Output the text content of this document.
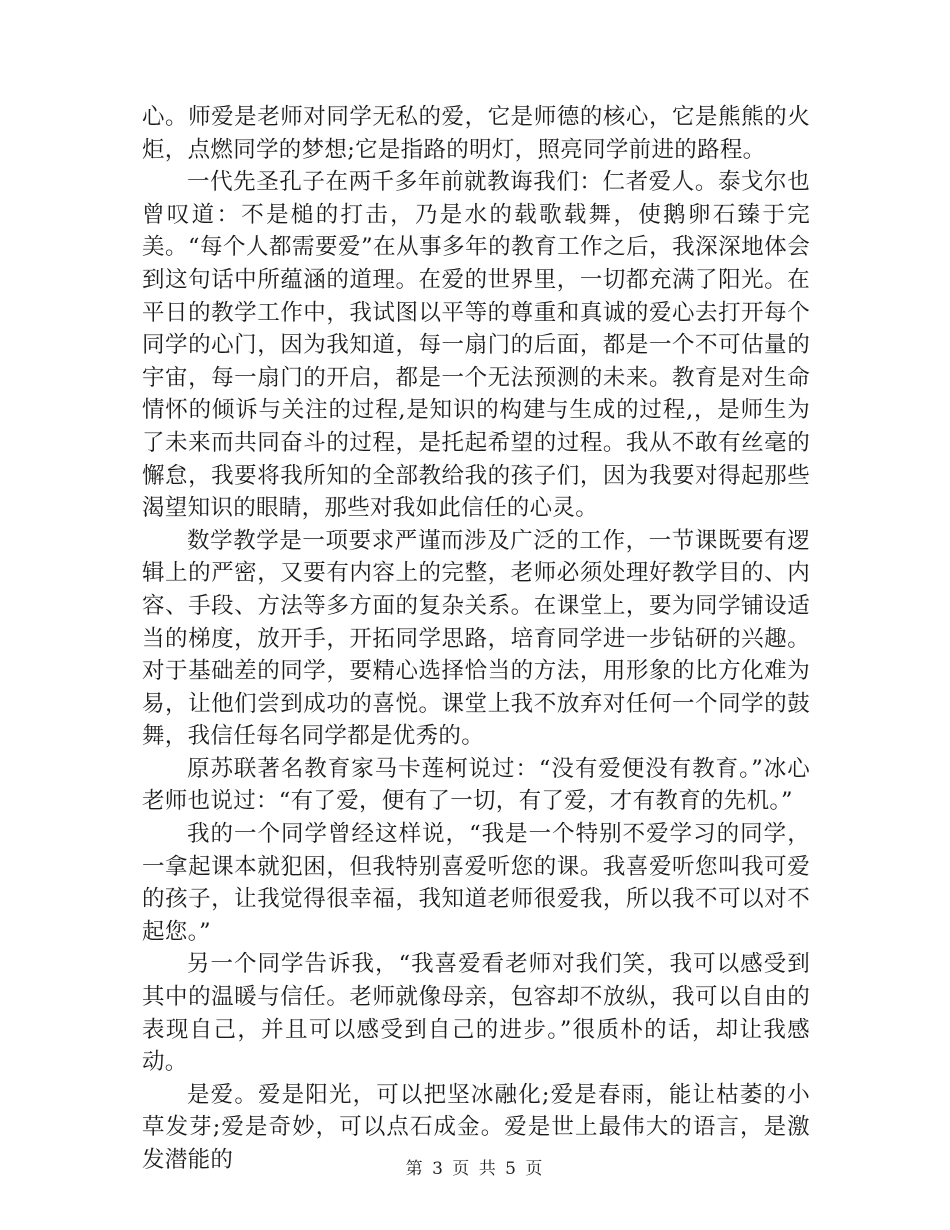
心。师爱是老师对同学无私的爱，它是师德的核心，它是熊熊的火炬，点燃同学的梦想;它是指路的明灯，照亮同学前进的路程。

一代先圣孔子在两千多年前就教诲我们：仁者爱人。泰戈尔也曾叹道：不是槌的打击，乃是水的载歌载舞，使鹅卵石臻于完美。“每个人都需要爱”在从事多年的教育工作之后，我深深地体会到这句话中所蕴涵的道理。在爱的世界里，一切都充满了阳光。在平日的教学工作中，我试图以平等的尊重和真诚的爱心去打开每个同学的心门，因为我知道，每一扇门的后面，都是一个不可估量的宇宙，每一扇门的开启，都是一个无法预测的未来。教育是对生命情怀的倾诉与关注的过程,是知识的构建与生成的过程,，是师生为了未来而共同奋斗的过程，是托起希望的过程。我从不敢有丝毫的懈怠，我要将我所知的全部教给我的孩子们，因为我要对得起那些渴望知识的眼睛，那些对我如此信任的心灵。

数学教学是一项要求严谨而涉及广泛的工作，一节课既要有逻辑上的严密，又要有内容上的完整，老师必须处理好教学目的、内容、手段、方法等多方面的复杂关系。在课堂上，要为同学铺设适当的梯度，放开手，开拓同学思路，培育同学进一步钻研的兴趣。对于基础差的同学，要精心选择恰当的方法，用形象的比方化难为易，让他们尝到成功的喜悦。课堂上我不放弃对任何一个同学的鼓舞，我信任每名同学都是优秀的。

原苏联著名教育家马卡莲柯说过：“没有爱便没有教育。”冰心老师也说过：“有了爱，便有了一切，有了爱，才有教育的先机。”

我的一个同学曾经这样说，“我是一个特别不爱学习的同学，一拿起课本就犯困，但我特别喜爱听您的课。我喜爱听您叫我可爱的孩子，让我觉得很幸福，我知道老师很爱我，所以我不可以对不起您。”

另一个同学告诉我，“我喜爱看老师对我们笑，我可以感受到其中的温暖与信任。老师就像母亲，包容却不放纵，我可以自由的表现自己，并且可以感受到自己的进步。”很质朴的话，却让我感动。

是爱。爱是阳光，可以把坚冰融化;爱是春雨，能让枯萎的小草发芽;爱是奇妙，可以点石成金。爱是世上最伟大的语言，是激发潜能的	第 3 页 共 5 页
